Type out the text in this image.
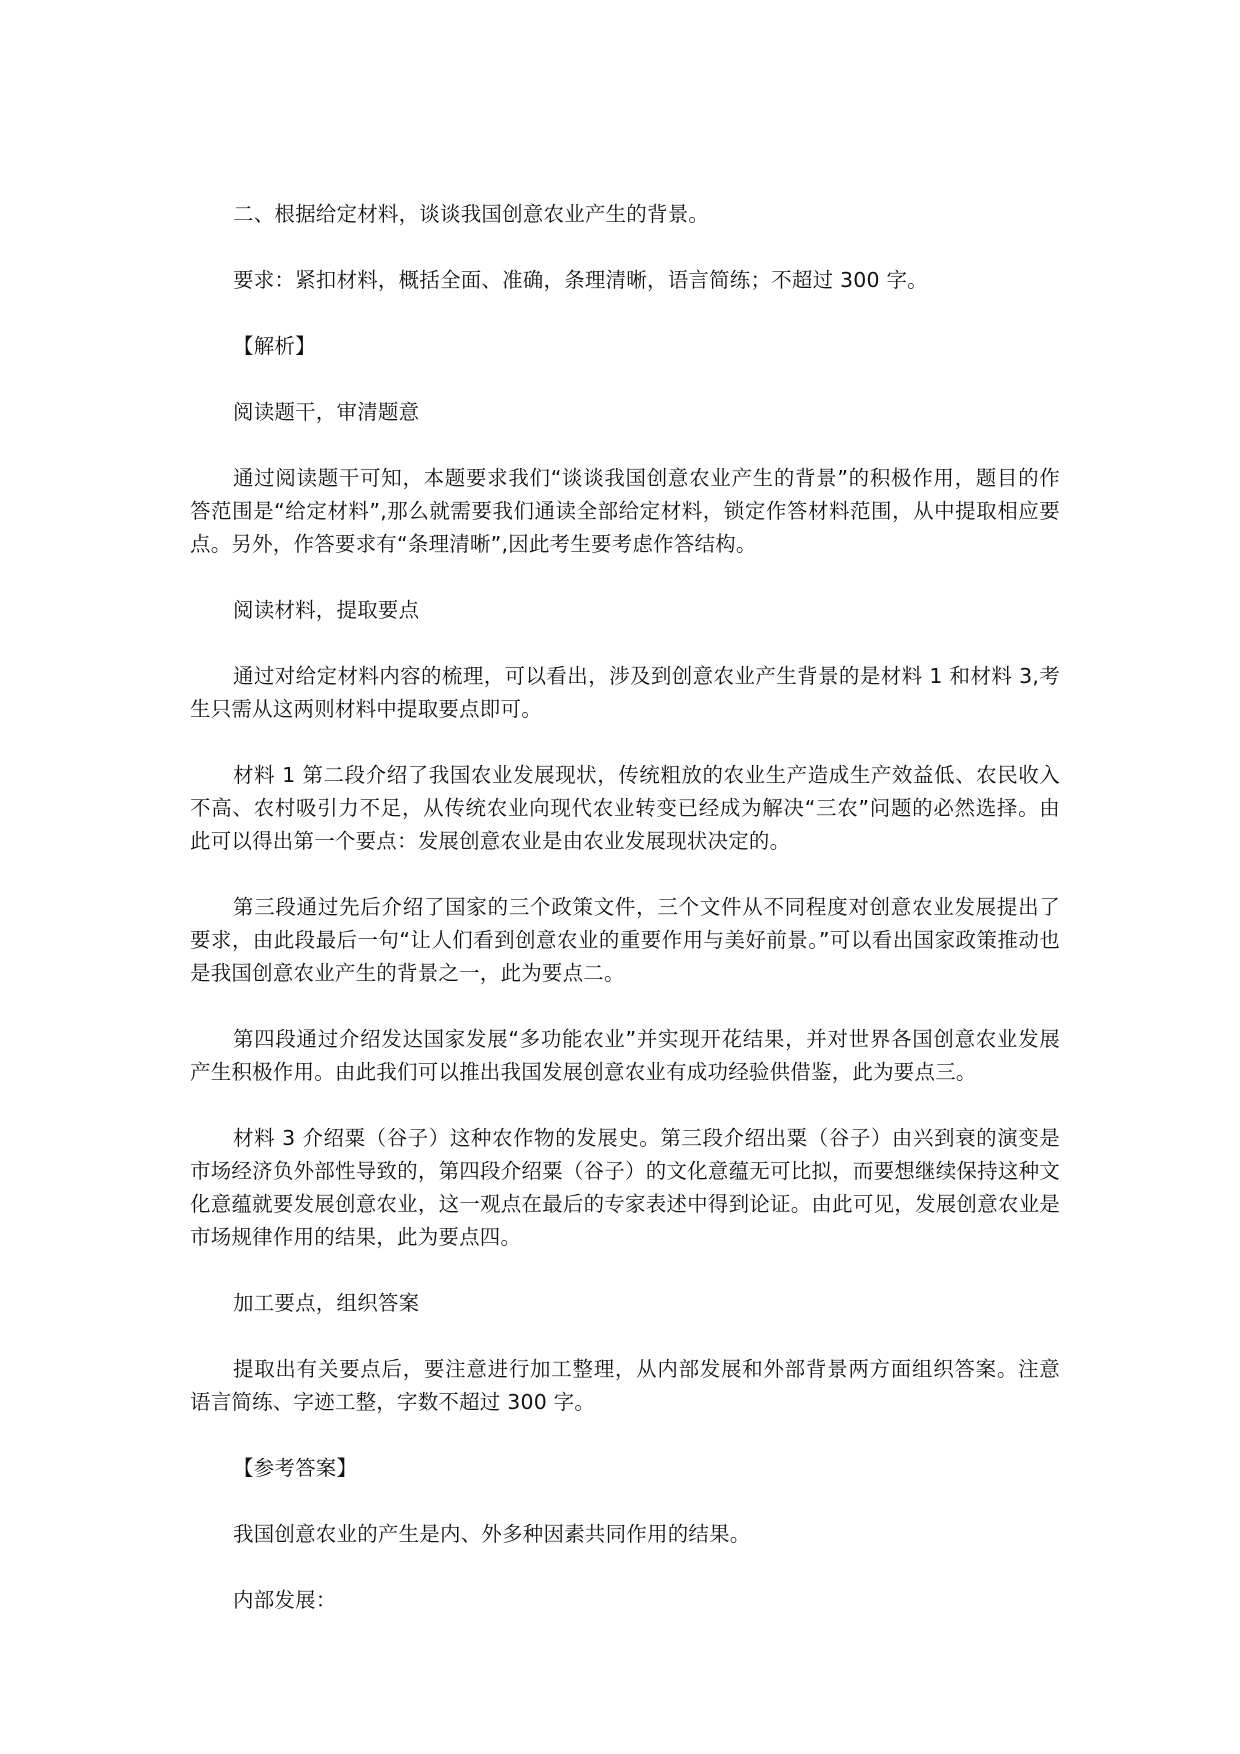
二、根据给定材料，谈谈我国创意农业产生的背景。

要求：紧扣材料，概括全面、准确，条理清晰，语言简练；不超过 300 字。

【解析】

阅读题干，审清题意

通过阅读题干可知，本题要求我们“谈谈我国创意农业产生的背景”的积极作用，题目的作答范围是“给定材料”,那么就需要我们通读全部给定材料，锁定作答材料范围，从中提取相应要点。另外，作答要求有“条理清晰”,因此考生要考虑作答结构。

阅读材料，提取要点

通过对给定材料内容的梳理，可以看出，涉及到创意农业产生背景的是材料 1 和材料 3,考生只需从这两则材料中提取要点即可。

材料 1 第二段介绍了我国农业发展现状，传统粗放的农业生产造成生产效益低、农民收入不高、农村吸引力不足，从传统农业向现代农业转变已经成为解决“三农”问题的必然选择。由此可以得出第一个要点：发展创意农业是由农业发展现状决定的。

第三段通过先后介绍了国家的三个政策文件，三个文件从不同程度对创意农业发展提出了要求，由此段最后一句“让人们看到创意农业的重要作用与美好前景。”可以看出国家政策推动也是我国创意农业产生的背景之一，此为要点二。

第四段通过介绍发达国家发展“多功能农业”并实现开花结果，并对世界各国创意农业发展产生积极作用。由此我们可以推出我国发展创意农业有成功经验供借鉴，此为要点三。

材料 3 介绍粟（谷子）这种农作物的发展史。第三段介绍出粟（谷子）由兴到衰的演变是市场经济负外部性导致的，第四段介绍粟（谷子）的文化意蕴无可比拟，而要想继续保持这种文化意蕴就要发展创意农业，这一观点在最后的专家表述中得到论证。由此可见，发展创意农业是市场规律作用的结果，此为要点四。

加工要点，组织答案

提取出有关要点后，要注意进行加工整理，从内部发展和外部背景两方面组织答案。注意语言简练、字迹工整，字数不超过 300 字。

【参考答案】

我国创意农业的产生是内、外多种因素共同作用的结果。

内部发展：
